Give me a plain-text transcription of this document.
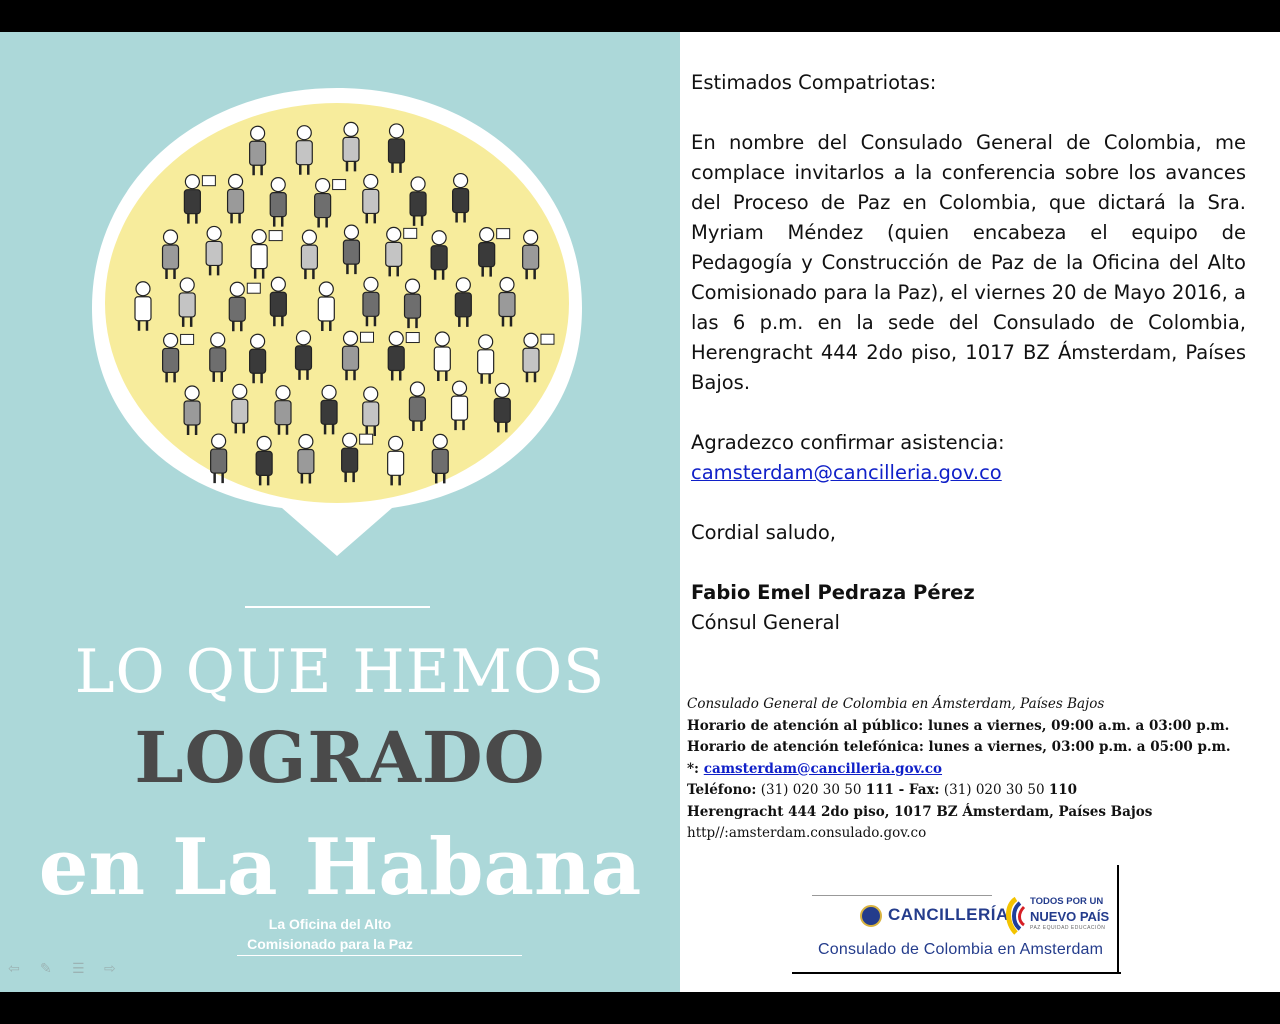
LO QUE HEMOS
LOGRADO
en La Habana
La Oficina del Alto
Comisionado para la Paz
⇦	✎	☰	⇨

Estimados Compatriotas:

En nombre del Consulado General de Colombia, me complace invitarlos a la conferencia sobre los avances del Proceso de Paz en Colombia, que dictará la Sra. Myriam Méndez (quien encabeza el equipo de Pedagogía y Construcción de Paz de la Oficina del Alto Comisionado para la Paz), el viernes 20 de Mayo 2016, a las 6 p.m. en la sede del Consulado de Colombia, Herengracht 444 2do piso, 1017 BZ Ámsterdam, Países Bajos.

Agradezco confirmar asistencia:

camsterdam@cancilleria.gov.co

Cordial saludo,

Fabio Emel Pedraza Pérez

Cónsul General

Consulado General de Colombia en Ámsterdam, Países Bajos
Horario de atención al público: lunes a viernes, 09:00 a.m. a 03:00 p.m.
Horario de atención telefónica: lunes a viernes, 03:00 p.m. a 05:00 p.m.
*: camsterdam@cancilleria.gov.co
Teléfono: (31) 020 30 50 111 - Fax: (31) 020 30 50 110
Herengracht 444 2do piso, 1017 BZ Ámsterdam, Países Bajos
http//:amsterdam.consulado.gov.co
CANCILLERÍA
TODOS POR UN
NUEVO PAÍS
PAZ EQUIDAD EDUCACIÓN
Consulado de Colombia en Amsterdam
